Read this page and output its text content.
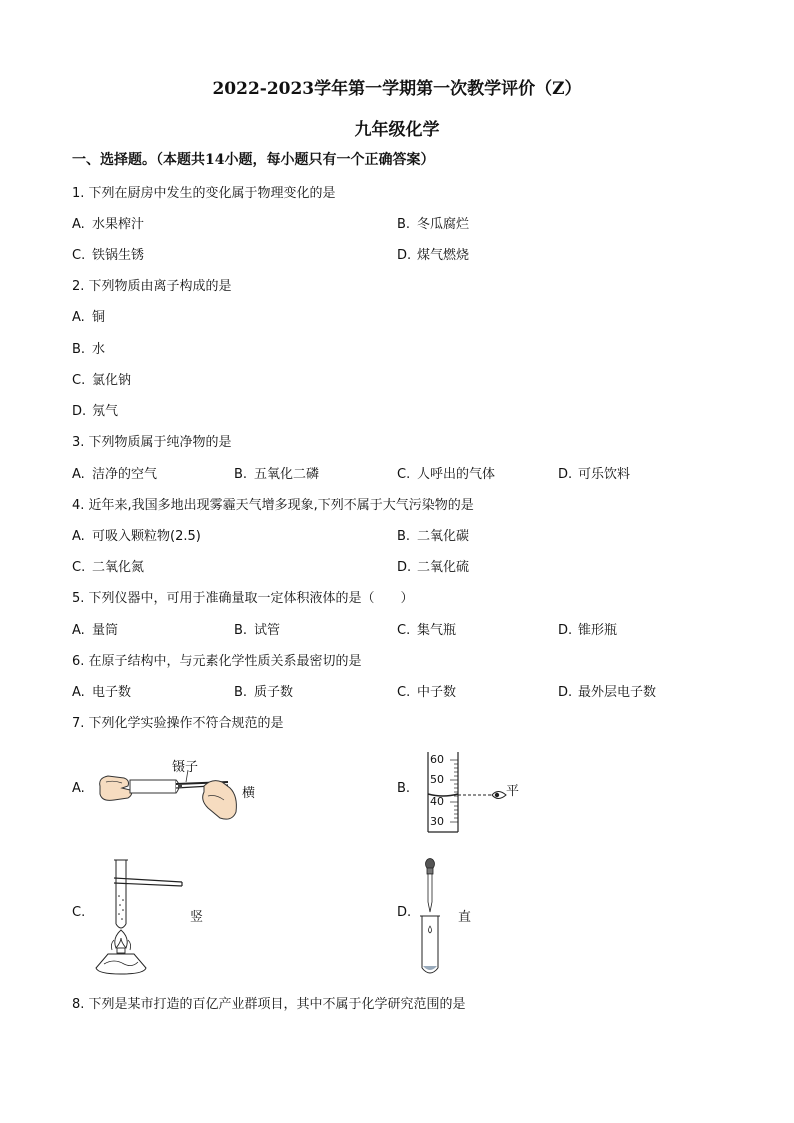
2022-2023学年第一学期第一次教学评价（Z）
九年级化学
一、选择题。（本题共14小题，每小题只有一个正确答案）
1. 下列在厨房中发生的变化属于物理变化的是
A. 水果榨汁	B. 冬瓜腐烂
C. 铁锅生锈	D. 煤气燃烧
2. 下列物质由离子构成的是
A. 铜
B. 水
C. 氯化钠
D. 氖气
3. 下列物质属于纯净物的是
A. 洁净的空气	B. 五氧化二磷	C. 人呼出的气体	D. 可乐饮料
4. 近年来,我国多地出现雾霾天气增多现象,下列不属于大气污染物的是
A. 可吸入颗粒物(2.5)	B. 二氧化碳
C. 二氧化氮	D. 二氧化硫
5. 下列仪器中，可用于准确量取一定体积液体的是（　　）
A. 量筒	B. 试管	C. 集气瓶	D. 锥形瓶
6. 在原子结构中，与元素化学性质关系最密切的是
A. 电子数	B. 质子数	C. 中子数	D. 最外层电子数
7. 下列化学实验操作不符合规范的是
A.
镊子
横	B.
60
50
40
30
平
C.	竖	D.	直
8. 下列是某市打造的百亿产业群项目，其中不属于化学研究范围的是
